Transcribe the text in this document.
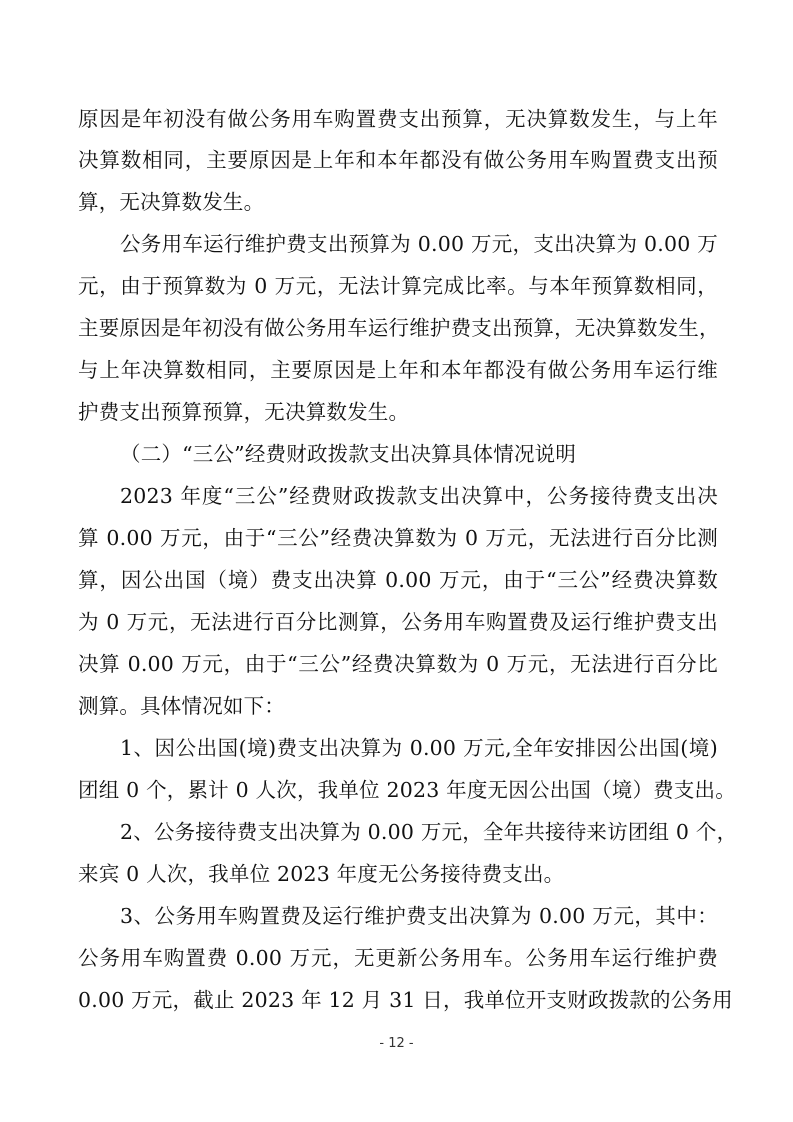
原因是年初没有做公务用车购置费支出预算，无决算数发生，与上年
决算数相同，主要原因是上年和本年都没有做公务用车购置费支出预
算，无决算数发生。
公务用车运行维护费支出预算为 0.00 万元，支出决算为 0.00 万
元，由于预算数为 0 万元，无法计算完成比率。与本年预算数相同，
主要原因是年初没有做公务用车运行维护费支出预算，无决算数发生，
与上年决算数相同，主要原因是上年和本年都没有做公务用车运行维
护费支出预算预算，无决算数发生。
（二）“三公”经费财政拨款支出决算具体情况说明
2023 年度“三公”经费财政拨款支出决算中，公务接待费支出决
算 0.00 万元，由于“三公”经费决算数为 0 万元，无法进行百分比测
算，因公出国（境）费支出决算 0.00 万元，由于“三公”经费决算数
为 0 万元，无法进行百分比测算，公务用车购置费及运行维护费支出
决算 0.00 万元，由于“三公”经费决算数为 0 万元，无法进行百分比
测算。具体情况如下：
1、因公出国(境)费支出决算为 0.00 万元,全年安排因公出国(境)
团组 0 个，累计 0 人次，我单位 2023 年度无因公出国（境）费支出。
2、公务接待费支出决算为 0.00 万元，全年共接待来访团组 0 个，
来宾 0 人次，我单位 2023 年度无公务接待费支出。
3、公务用车购置费及运行维护费支出决算为 0.00 万元，其中：
公务用车购置费 0.00 万元，无更新公务用车。公务用车运行维护费
0.00 万元，截止 2023 年 12 月 31 日，我单位开支财政拨款的公务用
- 12 -
